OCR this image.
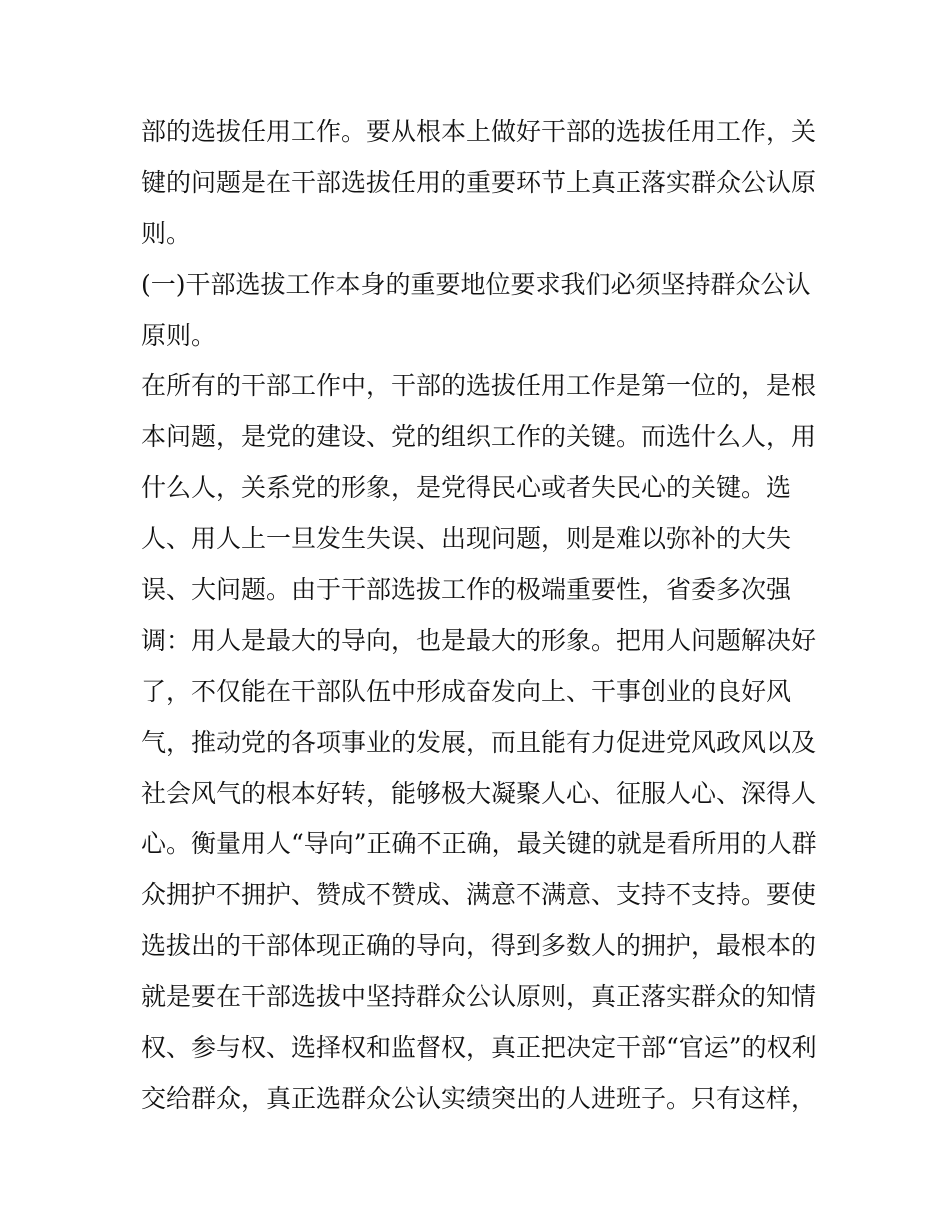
部的选拔任用工作。要从根本上做好干部的选拔任用工作，关
键的问题是在干部选拔任用的重要环节上真正落实群众公认原
则。
(一)干部选拔工作本身的重要地位要求我们必须坚持群众公认
原则。
在所有的干部工作中，干部的选拔任用工作是第一位的，是根
本问题，是党的建设、党的组织工作的关键。而选什么人，用
什么人，关系党的形象，是党得民心或者失民心的关键。选
人、用人上一旦发生失误、出现问题，则是难以弥补的大失
误、大问题。由于干部选拔工作的极端重要性，省委多次强
调：用人是最大的导向，也是最大的形象。把用人问题解决好
了，不仅能在干部队伍中形成奋发向上、干事创业的良好风
气，推动党的各项事业的发展，而且能有力促进党风政风以及
社会风气的根本好转，能够极大凝聚人心、征服人心、深得人
心。衡量用人“导向”正确不正确，最关键的就是看所用的人群
众拥护不拥护、赞成不赞成、满意不满意、支持不支持。要使
选拔出的干部体现正确的导向，得到多数人的拥护，最根本的
就是要在干部选拔中坚持群众公认原则，真正落实群众的知情
权、参与权、选择权和监督权，真正把决定干部“官运”的权利
交给群众，真正选群众公认实绩突出的人进班子。只有这样，
